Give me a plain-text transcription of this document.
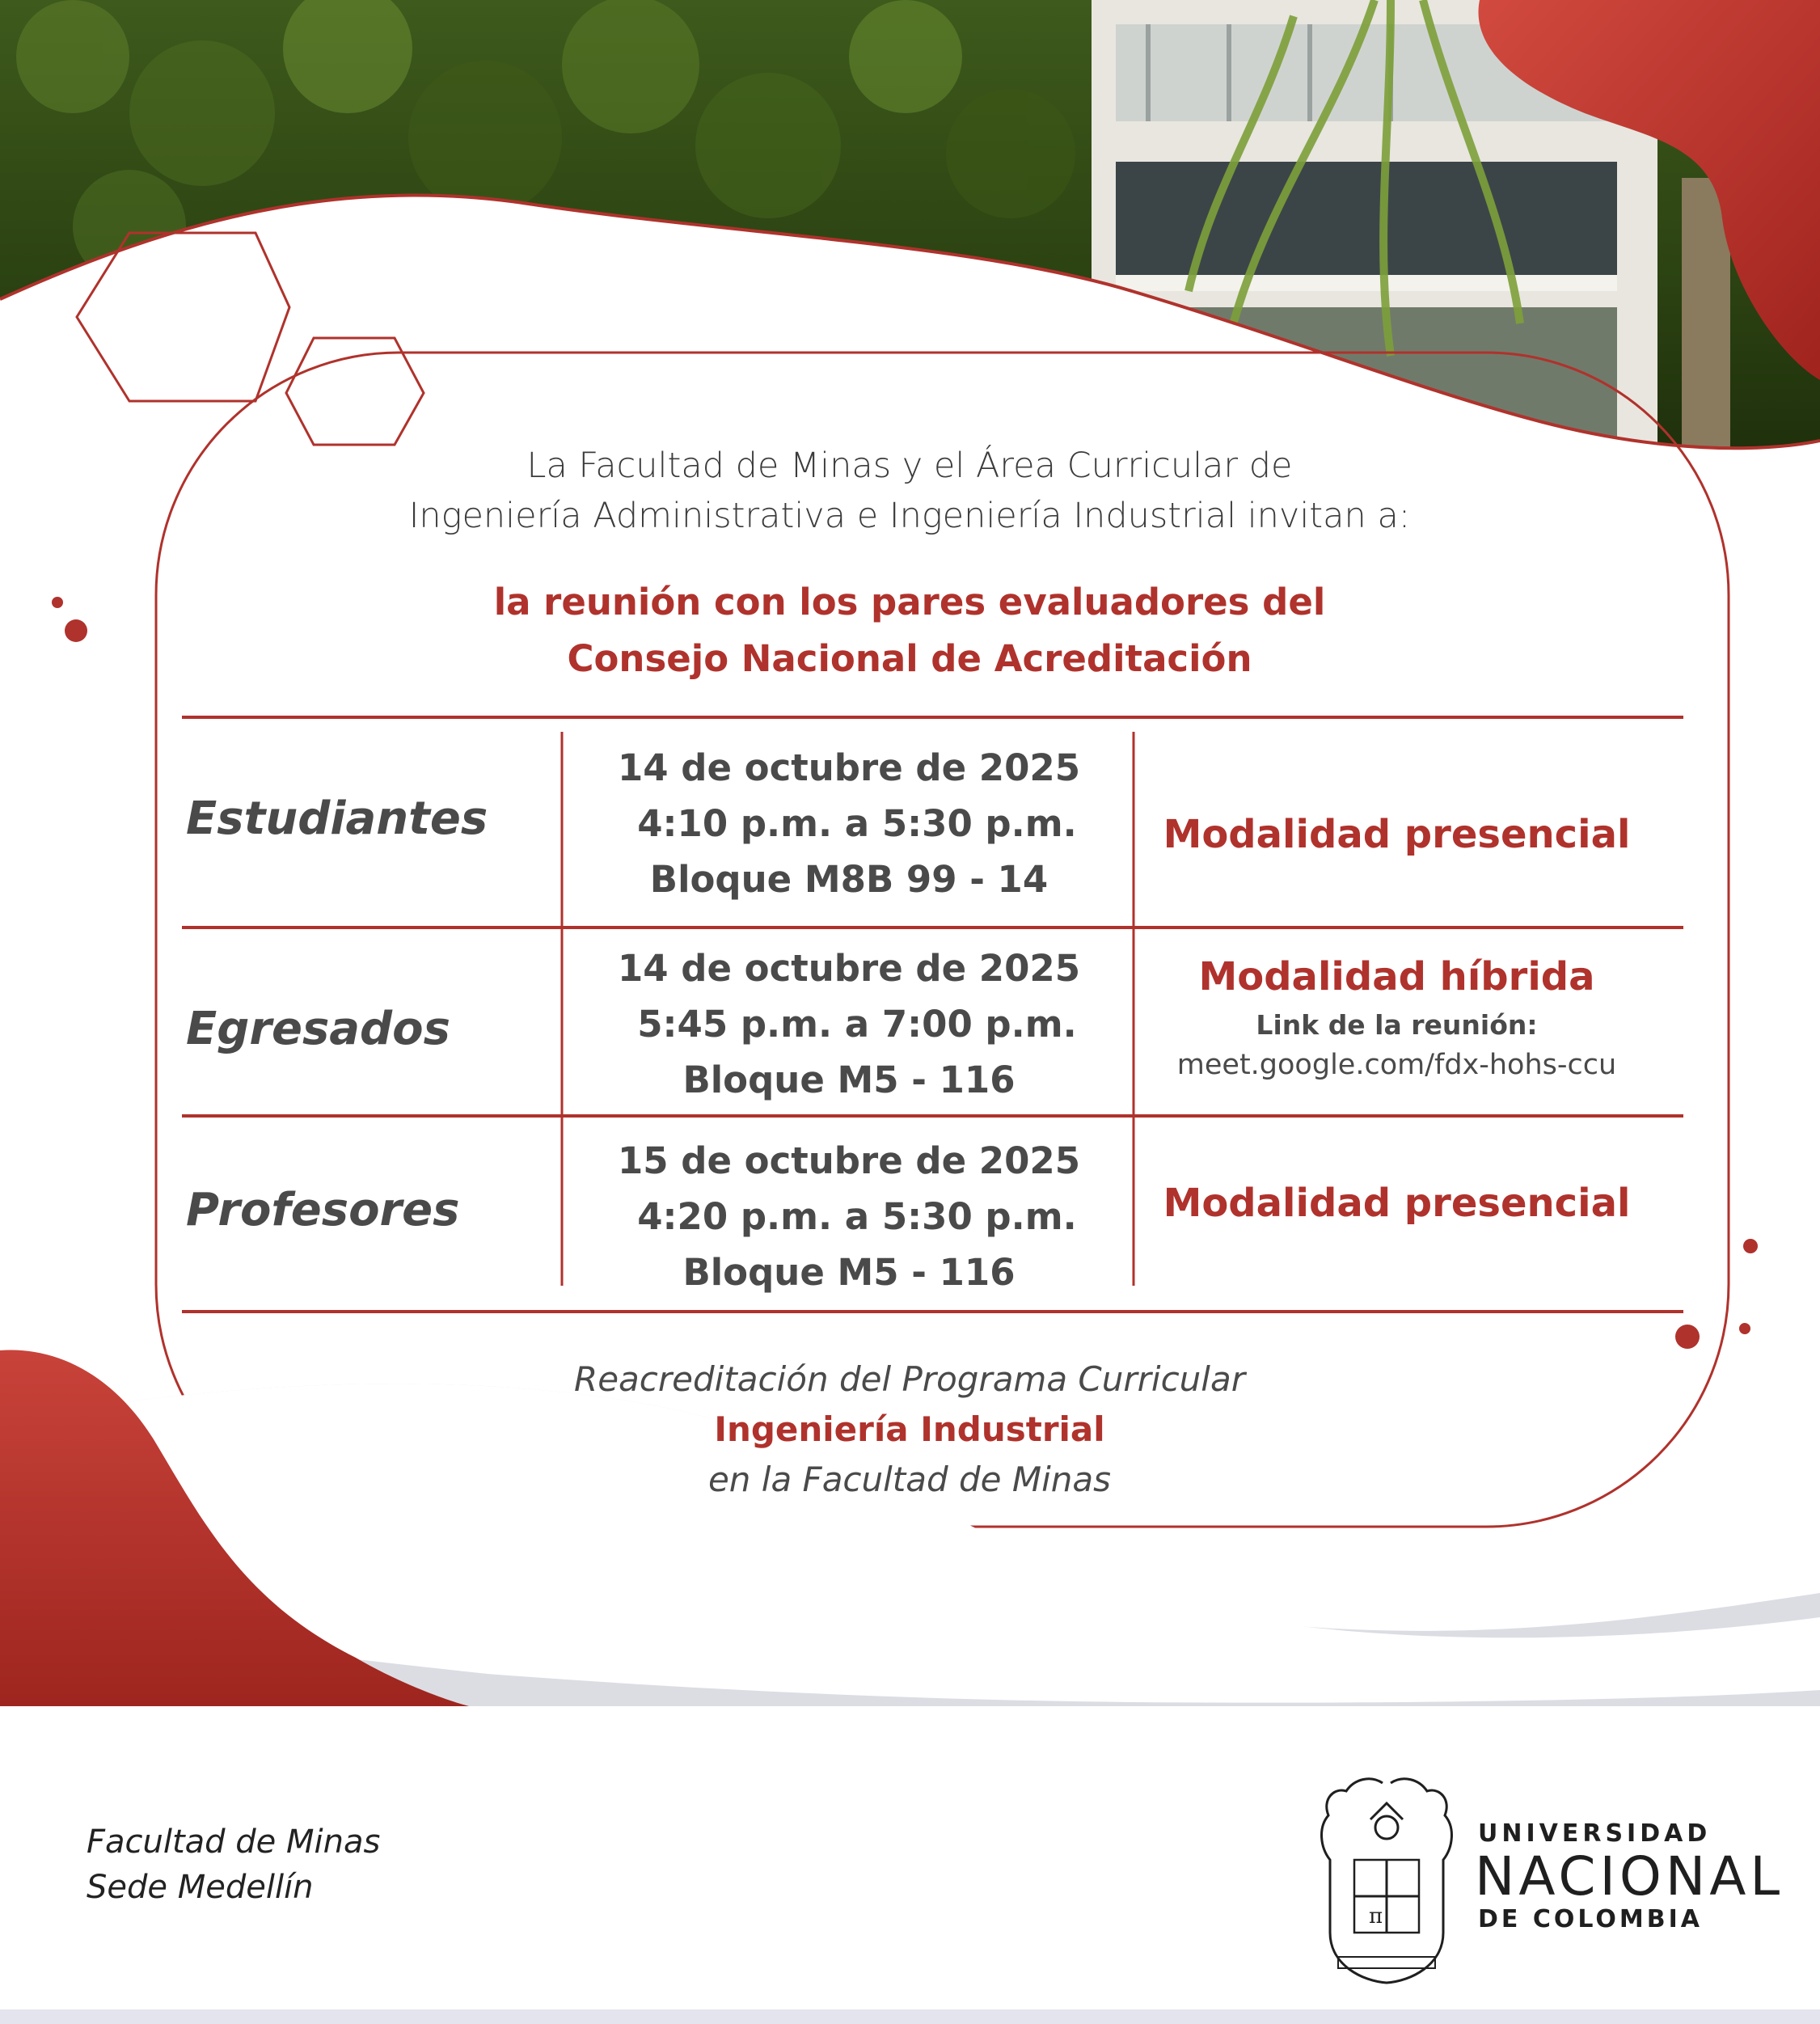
π
La Facultad de Minas y el Área Curricular de
Ingeniería Administrativa e Ingeniería Industrial invitan a:
la reunión con los pares evaluadores del
Consejo Nacional de Acreditación
Estudiantes
14 de octubre de 2025
4:10 p.m. a 5:30 p.m.
Bloque M8B 99 - 14
Modalidad presencial
Egresados
14 de octubre de 2025
5:45 p.m. a 7:00 p.m.
Bloque M5 - 116
Modalidad híbrida
Link de la reunión:
meet.google.com/fdx-hohs-ccu
Profesores
15 de octubre de 2025
4:20 p.m. a 5:30 p.m.
Bloque M5 - 116
Modalidad presencial
Reacreditación del Programa Curricular
Ingeniería Industrial
en la Facultad de Minas
Facultad de Minas
Sede Medellín
UNIVERSIDAD
NACIONAL
DE COLOMBIA
